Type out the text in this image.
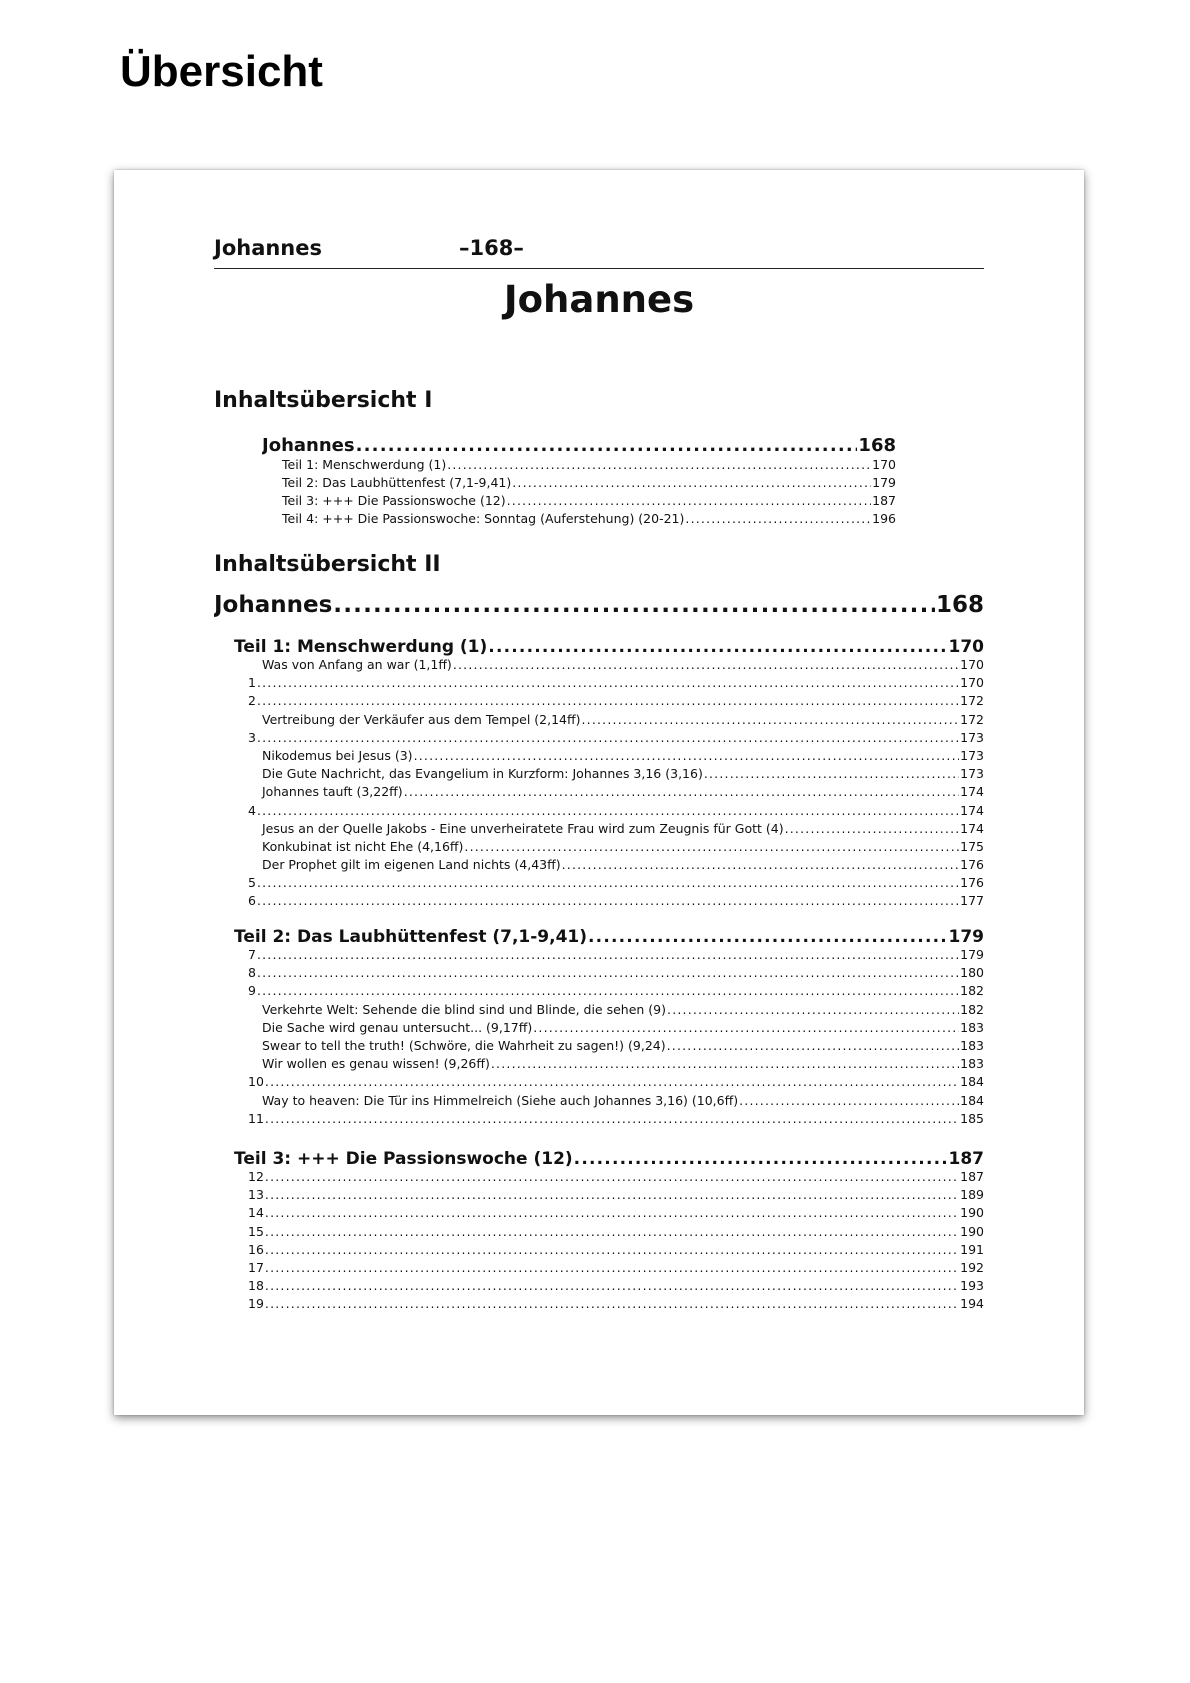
Übersicht
Johannes	–168–
Johannes
Inhaltsübersicht I
Johannes .....	168
Teil 1: Menschwerdung (1) .....	170
Teil 2: Das Laubhüttenfest (7,1-9,41) .....	179
Teil 3: +++ Die Passionswoche (12) .....	187
Teil 4: +++ Die Passionswoche: Sonntag (Auferstehung) (20-21) .....	196
Inhaltsübersicht II
Johannes .....	168
Teil 1: Menschwerdung (1) .....	170
Was von Anfang an war (1,1ff) .....	170
1 .....	170
2 .....	172
Vertreibung der Verkäufer aus dem Tempel (2,14ff) .....	172
3 .....	173
Nikodemus bei Jesus (3) .....	173
Die Gute Nachricht, das Evangelium in Kurzform: Johannes 3,16 (3,16) .....	173
Johannes tauft (3,22ff) .....	174
4 .....	174
Jesus an der Quelle Jakobs - Eine unverheiratete Frau wird zum Zeugnis für Gott (4) .....	174
Konkubinat ist nicht Ehe (4,16ff) .....	175
Der Prophet gilt im eigenen Land nichts (4,43ff) .....	176
5 .....	176
6 .....	177
Teil 2: Das Laubhüttenfest (7,1-9,41) .....	179
7 .....	179
8 .....	180
9 .....	182
Verkehrte Welt: Sehende die blind sind und Blinde, die sehen (9) .....	182
Die Sache wird genau untersucht... (9,17ff) .....	183
Swear to tell the truth! (Schwöre, die Wahrheit zu sagen!) (9,24) .....	183
Wir wollen es genau wissen! (9,26ff) .....	183
10 .....	184
Way to heaven: Die Tür ins Himmelreich (Siehe auch Johannes 3,16) (10,6ff) .....	184
11 .....	185
Teil 3: +++ Die Passionswoche (12) .....	187
12 .....	187
13 .....	189
14 .....	190
15 .....	190
16 .....	191
17 .....	192
18 .....	193
19 .....	194
